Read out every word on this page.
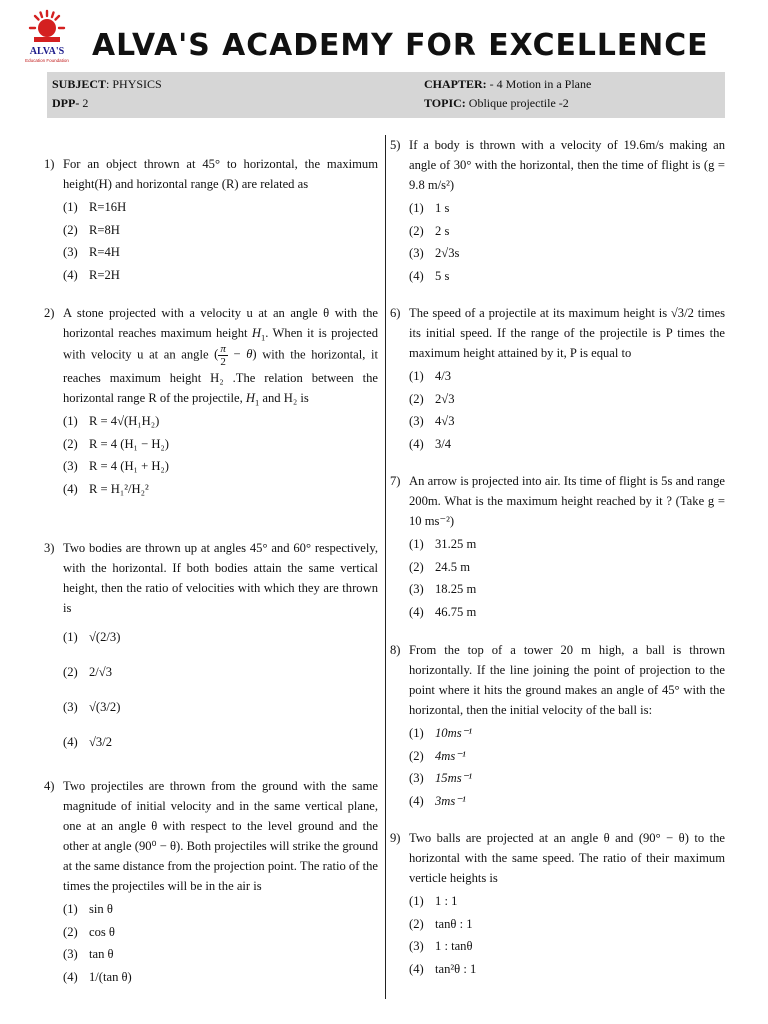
ALVA'S
Education Foundation ALVA'S ACADEMY FOR EXCELLENCE
SUBJECT: PHYSICS	CHAPTER: - 4 Motion in a Plane
DPP- 2	TOPIC: Oblique projectile -2
1) For an object thrown at 45° to horizontal, the maximum height(H) and horizontal range (R) are related as
(1) R=16H
(2) R=8H
(3) R=4H
(4) R=2H
2) A stone projected with a velocity u at an angle θ with the horizontal reaches maximum height $H_1$. When it is projected with velocity u at an angle ( $\frac{\pi}{2} - \theta$) with the horizontal, it reaches maximum height H₂ .The relation between the horizontal range R of the projectile, $H_1$ and H₂ is
(1) R = 4√(H₁H₂)
(2) R = 4 (H₁ − H₂)
(3) R = 4 (H₁ + H₂)
(4) R = H₁²/H₂²
3) Two bodies are thrown up at angles 45° and 60° respectively, with the horizontal. If both bodies attain the same vertical height, then the ratio of velocities with which they are thrown is
(1) √(2/3)
(2) 2/√3
(3) √(3/2)
(4) √3/2
4) Two projectiles are thrown from the ground with the same magnitude of initial velocity and in the same vertical plane, one at an angle θ with respect to the level ground and the other at angle (90⁰ − θ). Both projectiles will strike the ground at the same distance from the projection point. The ratio of the times the projectiles will be in the air is
(1) sin θ
(2) cos θ
(3) tan θ
(4) 1/(tan θ)
5) If a body is thrown with a velocity of 19.6m/s making an angle of 30° with the horizontal, then the time of flight is (g = 9.8 m/s²)
(1) 1 s
(2) 2 s
(3) 2√3s
(4) 5 s
6) The speed of a projectile at its maximum height is √3/2 times its initial speed. If the range of the projectile is P times the maximum height attained by it, P is equal to
(1) 4/3
(2) 2√3
(3) 4√3
(4) 3/4
7) An arrow is projected into air. Its time of flight is 5s and range 200m. What is the maximum height reached by it ? (Take g = 10 ms⁻²)
(1) 31.25 m
(2) 24.5 m
(3) 18.25 m
(4) 46.75 m
8) From the top of a tower 20 m high, a ball is thrown horizontally. If the line joining the point of projection to the point where it hits the ground makes an angle of 45° with the horizontal, then the initial velocity of the ball is:
(1) 10ms⁻¹
(2) 4ms⁻¹
(3) 15ms⁻¹
(4) 3ms⁻¹
9) Two balls are projected at an angle θ and (90° − θ) to the horizontal with the same speed. The ratio of their maximum verticle heights is
(1) 1 : 1
(2) tanθ : 1
(3) 1 : tanθ
(4) tan²θ : 1
